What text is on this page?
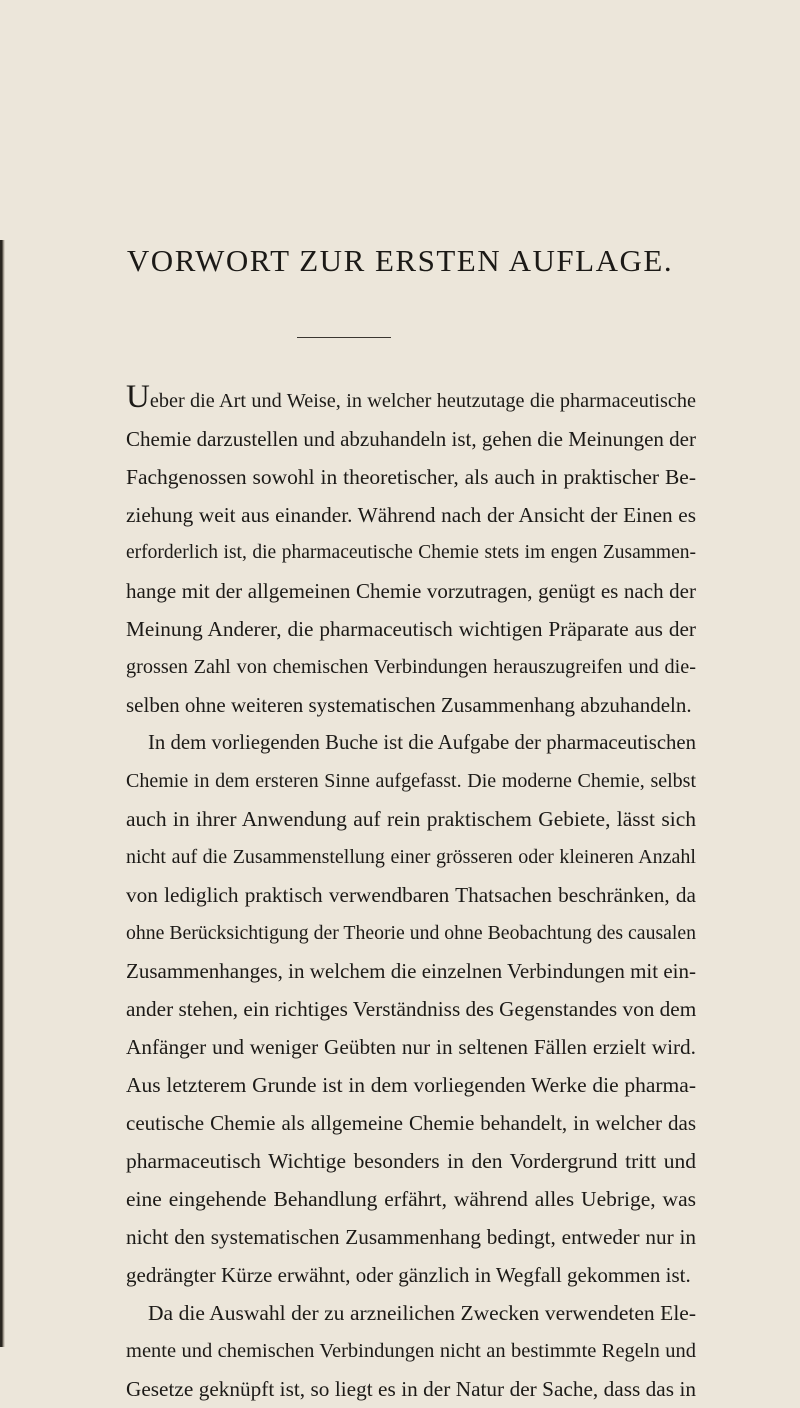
VORWORT ZUR ERSTEN AUFLAGE.
Ueber die Art und Weise, in welcher heutzutage die pharmaceutische
Chemie darzustellen und abzuhandeln ist, gehen die Meinungen der
Fachgenossen sowohl in theoretischer, als auch in praktischer Be-
ziehung weit aus einander. Während nach der Ansicht der Einen es
erforderlich ist, die pharmaceutische Chemie stets im engen Zusammen-
hange mit der allgemeinen Chemie vorzutragen, genügt es nach der
Meinung Anderer, die pharmaceutisch wichtigen Präparate aus der
grossen Zahl von chemischen Verbindungen herauszugreifen und die-
selben ohne weiteren systematischen Zusammenhang abzuhandeln.
In dem vorliegenden Buche ist die Aufgabe der pharmaceutischen
Chemie in dem ersteren Sinne aufgefasst. Die moderne Chemie, selbst
auch in ihrer Anwendung auf rein praktischem Gebiete, lässt sich
nicht auf die Zusammenstellung einer grösseren oder kleineren Anzahl
von lediglich praktisch verwendbaren Thatsachen beschränken, da
ohne Berücksichtigung der Theorie und ohne Beobachtung des causalen
Zusammenhanges, in welchem die einzelnen Verbindungen mit ein-
ander stehen, ein richtiges Verständniss des Gegenstandes von dem
Anfänger und weniger Geübten nur in seltenen Fällen erzielt wird.
Aus letzterem Grunde ist in dem vorliegenden Werke die pharma-
ceutische Chemie als allgemeine Chemie behandelt, in welcher das
pharmaceutisch Wichtige besonders in den Vordergrund tritt und
eine eingehende Behandlung erfährt, während alles Uebrige, was
nicht den systematischen Zusammenhang bedingt, entweder nur in
gedrängter Kürze erwähnt, oder gänzlich in Wegfall gekommen ist.
Da die Auswahl der zu arzneilichen Zwecken verwendeten Ele-
mente und chemischen Verbindungen nicht an bestimmte Regeln und
Gesetze geknüpft ist, so liegt es in der Natur der Sache, dass das in
